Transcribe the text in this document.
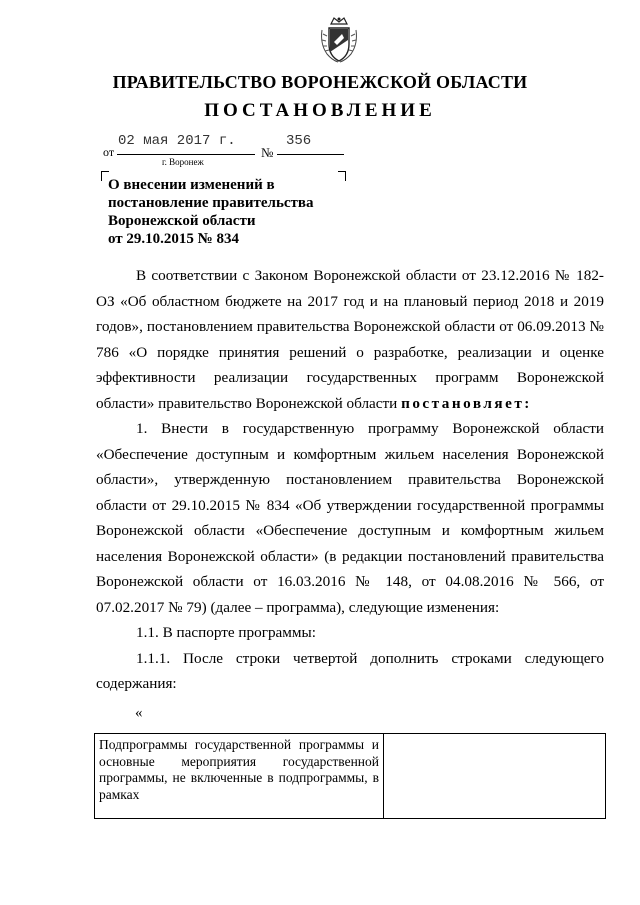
ПРАВИТЕЛЬСТВО ВОРОНЕЖСКОЙ ОБЛАСТИ
ПОСТАНОВЛЕНИЕ
от
02 мая 2017 г.
№
356
г. Воронеж
О внесении изменений в
постановление правительства
Воронежской области
от 29.10.2015 № 834

В соответствии с Законом Воронежской области от 23.12.2016 № 182-ОЗ «Об областном бюджете на 2017 год и на плановый период 2018 и 2019 годов», постановлением правительства Воронежской области от 06.09.2013 № 786 «О порядке принятия решений о разработке, реализации и оценке эффективности реализации государственных программ Воронежской области» правительство Воронежской области постановляет:

1. Внести в государственную программу Воронежской области «Обеспечение доступным и комфортным жильем населения Воронежской области», утвержденную постановлением правительства Воронежской области от 29.10.2015 № 834 «Об утверждении государственной программы Воронежской области «Обеспечение доступным и комфортным жильем населения Воронежской области» (в редакции постановлений правительства Воронежской области от 16.03.2016 № 148, от 04.08.2016 № 566, от 07.02.2017 № 79) (далее – программа), следующие изменения:

1.1. В паспорте программы:

1.1.1. После строки четвертой дополнить строками следующего содержания:

«
Подпрограммы государственной программы и основные мероприятия государственной программы, не включенные в подпрограммы, в рамках	
